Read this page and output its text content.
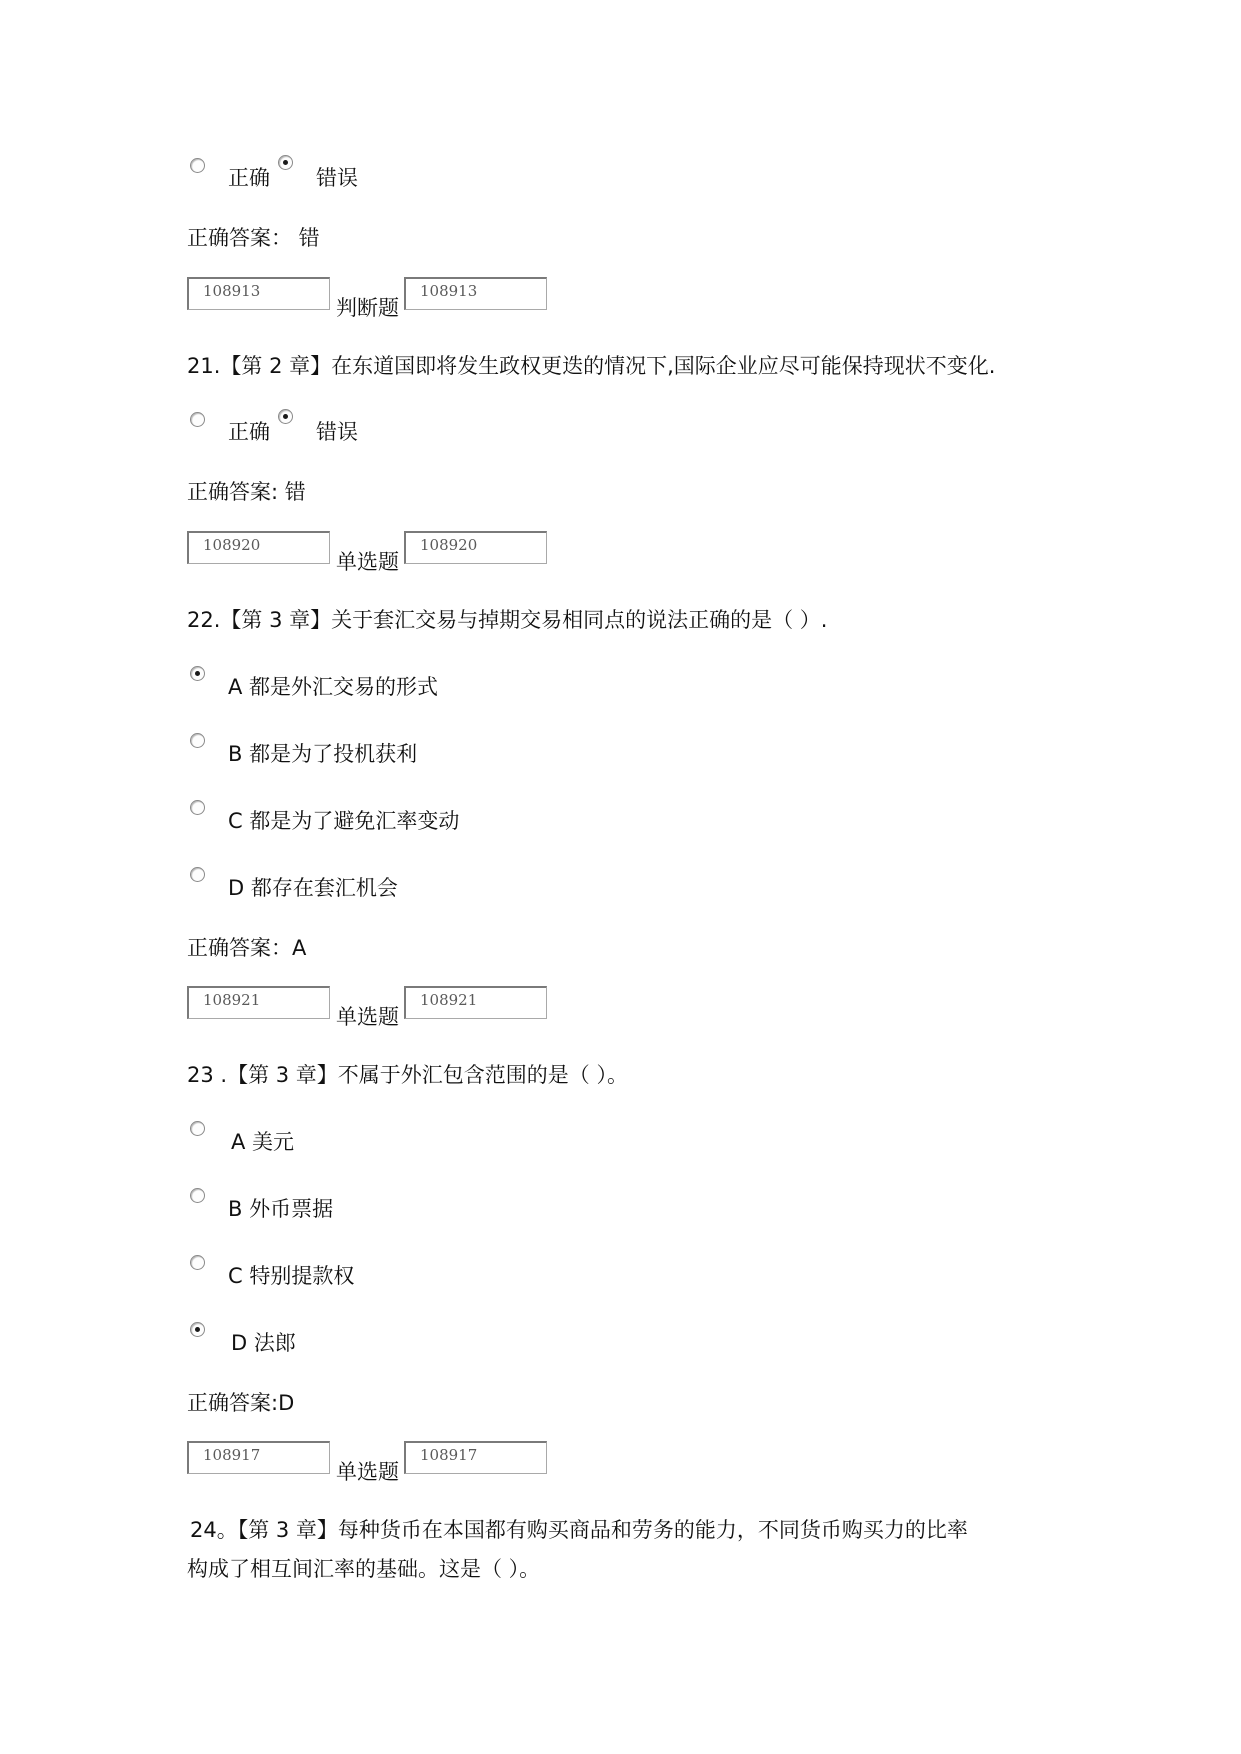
正确 错误
正确答案： 错
108913
判断题
108913
21.【第 2 章】在东道国即将发生政权更迭的情况下,国际企业应尽可能保持现状不变化.
正确 错误
正确答案: 错
108920
单选题
108920
22.【第 3 章】关于套汇交易与掉期交易相同点的说法正确的是（ ）.
A 都是外汇交易的形式
B 都是为了投机获利
C 都是为了避免汇率变动
D 都存在套汇机会
正确答案：A
108921
单选题
108921
23 .【第 3 章】不属于外汇包含范围的是（ ）。
A 美元
B 外币票据
C 特别提款权
D 法郎
正确答案:D
108917
单选题
108917
24。【第 3 章】每种货币在本国都有购买商品和劳务的能力，不同货币购买力的比率
构成了相互间汇率的基础。这是（ ）。
